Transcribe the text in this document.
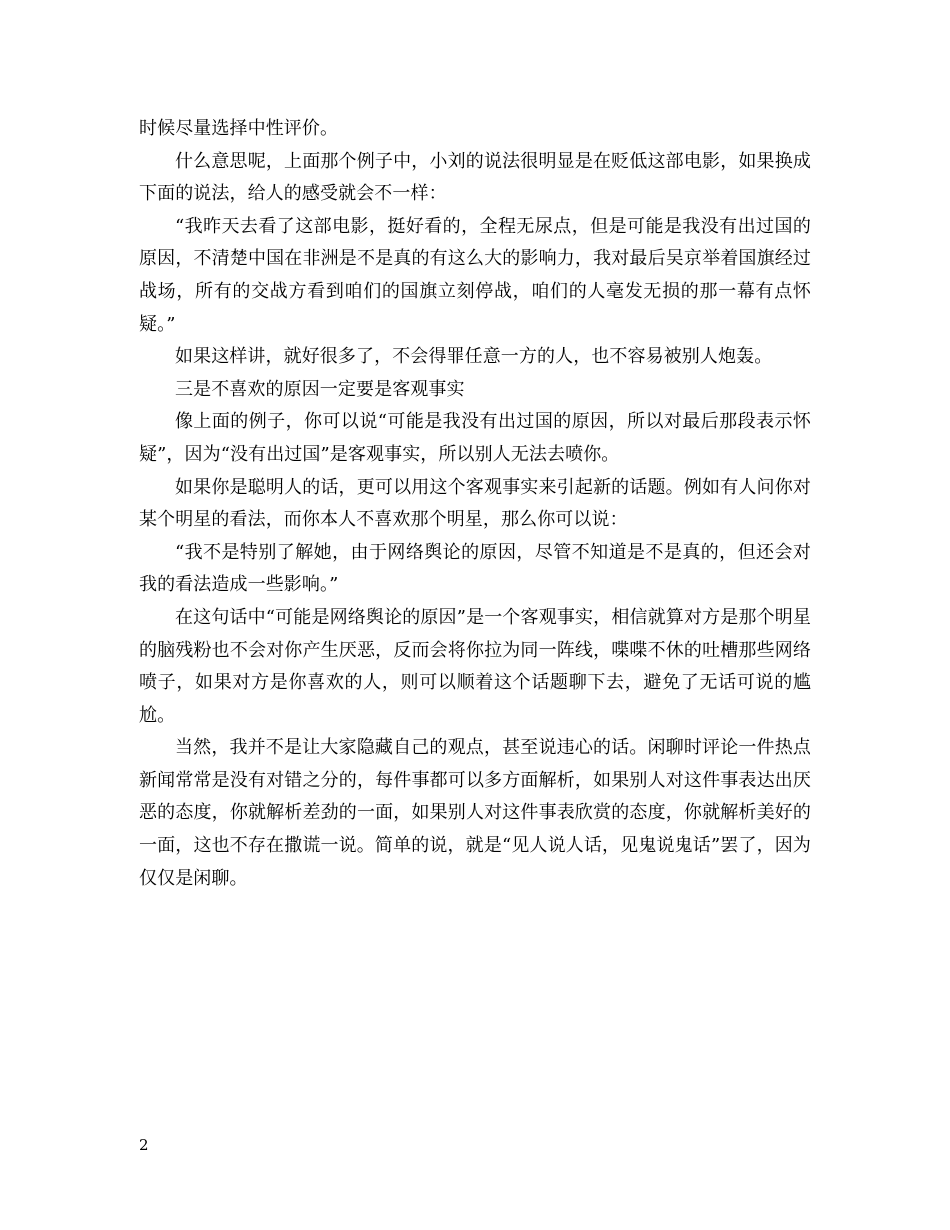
时候尽量选择中性评价。

什么意思呢，上面那个例子中，小刘的说法很明显是在贬低这部电影，如果换成下面的说法，给人的感受就会不一样：

“我昨天去看了这部电影，挺好看的，全程无尿点，但是可能是我没有出过国的原因，不清楚中国在非洲是不是真的有这么大的影响力，我对最后吴京举着国旗经过战场，所有的交战方看到咱们的国旗立刻停战，咱们的人毫发无损的那一幕有点怀疑。”

如果这样讲，就好很多了，不会得罪任意一方的人，也不容易被别人炮轰。

三是不喜欢的原因一定要是客观事实

像上面的例子，你可以说“可能是我没有出过国的原因，所以对最后那段表示怀疑”，因为“没有出过国”是客观事实，所以别人无法去喷你。

如果你是聪明人的话，更可以用这个客观事实来引起新的话题。例如有人问你对某个明星的看法，而你本人不喜欢那个明星，那么你可以说：

“我不是特别了解她，由于网络舆论的原因，尽管不知道是不是真的，但还会对我的看法造成一些影响。”

在这句话中“可能是网络舆论的原因”是一个客观事实，相信就算对方是那个明星的脑残粉也不会对你产生厌恶，反而会将你拉为同一阵线，喋喋不休的吐槽那些网络喷子，如果对方是你喜欢的人，则可以顺着这个话题聊下去，避免了无话可说的尴尬。

当然，我并不是让大家隐藏自己的观点，甚至说违心的话。闲聊时评论一件热点新闻常常是没有对错之分的，每件事都可以多方面解析，如果别人对这件事表达出厌恶的态度，你就解析差劲的一面，如果别人对这件事表欣赏的态度，你就解析美好的一面，这也不存在撒谎一说。简单的说，就是“见人说人话，见鬼说鬼话”罢了，因为仅仅是闲聊。

2
